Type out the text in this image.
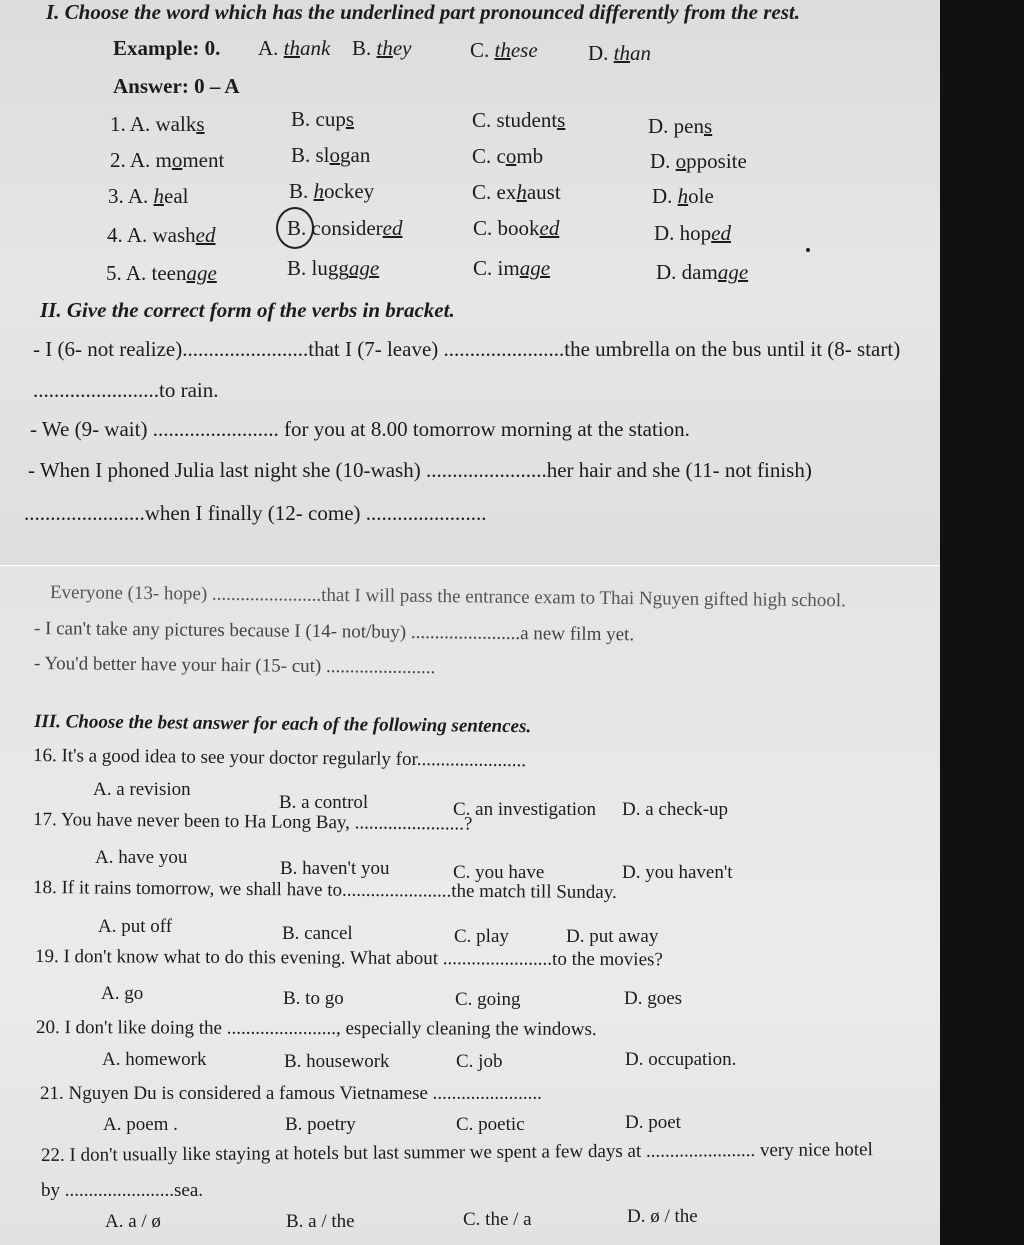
I. Choose the word which has the underlined part pronounced differently from the rest.
Example: 0. A. thank B. they	C. these D. than
Answer: 0 – A
1. A. walks	B. cups	C. students	D. pens
2. A. moment	B. slogan	C. comb	D. opposite
3. A. heal	B. hockey	C. exhaust	D. hole
4. A. washed	B. considered	C. booked	D. hoped
5. A. teenage	B. luggage	C. image	D. damage
II. Give the correct form of the verbs in bracket.
- I (6- not realize)........................that I (7- leave) .......................the umbrella on the bus until it (8- start)
........................to rain.
- We (9- wait) ........................ for you at 8.00 tomorrow morning at the station.
- When I phoned Julia last night she (10-wash) .......................her hair and she (11- not finish)
.......................when I finally (12- come) .......................
Everyone (13- hope) .......................that I will pass the entrance exam to Thai Nguyen gifted high school.
- I can't take any pictures because I (14- not/buy) .......................a new film yet.
- You'd better have your hair (15- cut) .......................
III. Choose the best answer for each of the following sentences.
16. It's a good idea to see your doctor regularly for.......................
A. a revision
B. a control	C. an investigation D. a check-up
17. You have never been to Ha Long Bay, .......................?
A. have you
B. haven't you	C. you have	D. you haven't
18. If it rains tomorrow, we shall have to.......................the match till Sunday.
A. put off	B. cancel	C. play	D. put away
19. I don't know what to do this evening. What about .......................to the movies?
A. go	B. to go	C. going	D. goes
20. I don't like doing the ......................., especially cleaning the windows.
A. homework	B. housework	C. job	D. occupation.
21. Nguyen Du is considered a famous Vietnamese .......................
A. poem .	B. poetry	C. poetic	D. poet
22. I don't usually like staying at hotels but last summer we spent a few days at ....................... very nice hotel
by .......................sea.
A. a / ø	B. a / the	C. the / a	D. ø / the
